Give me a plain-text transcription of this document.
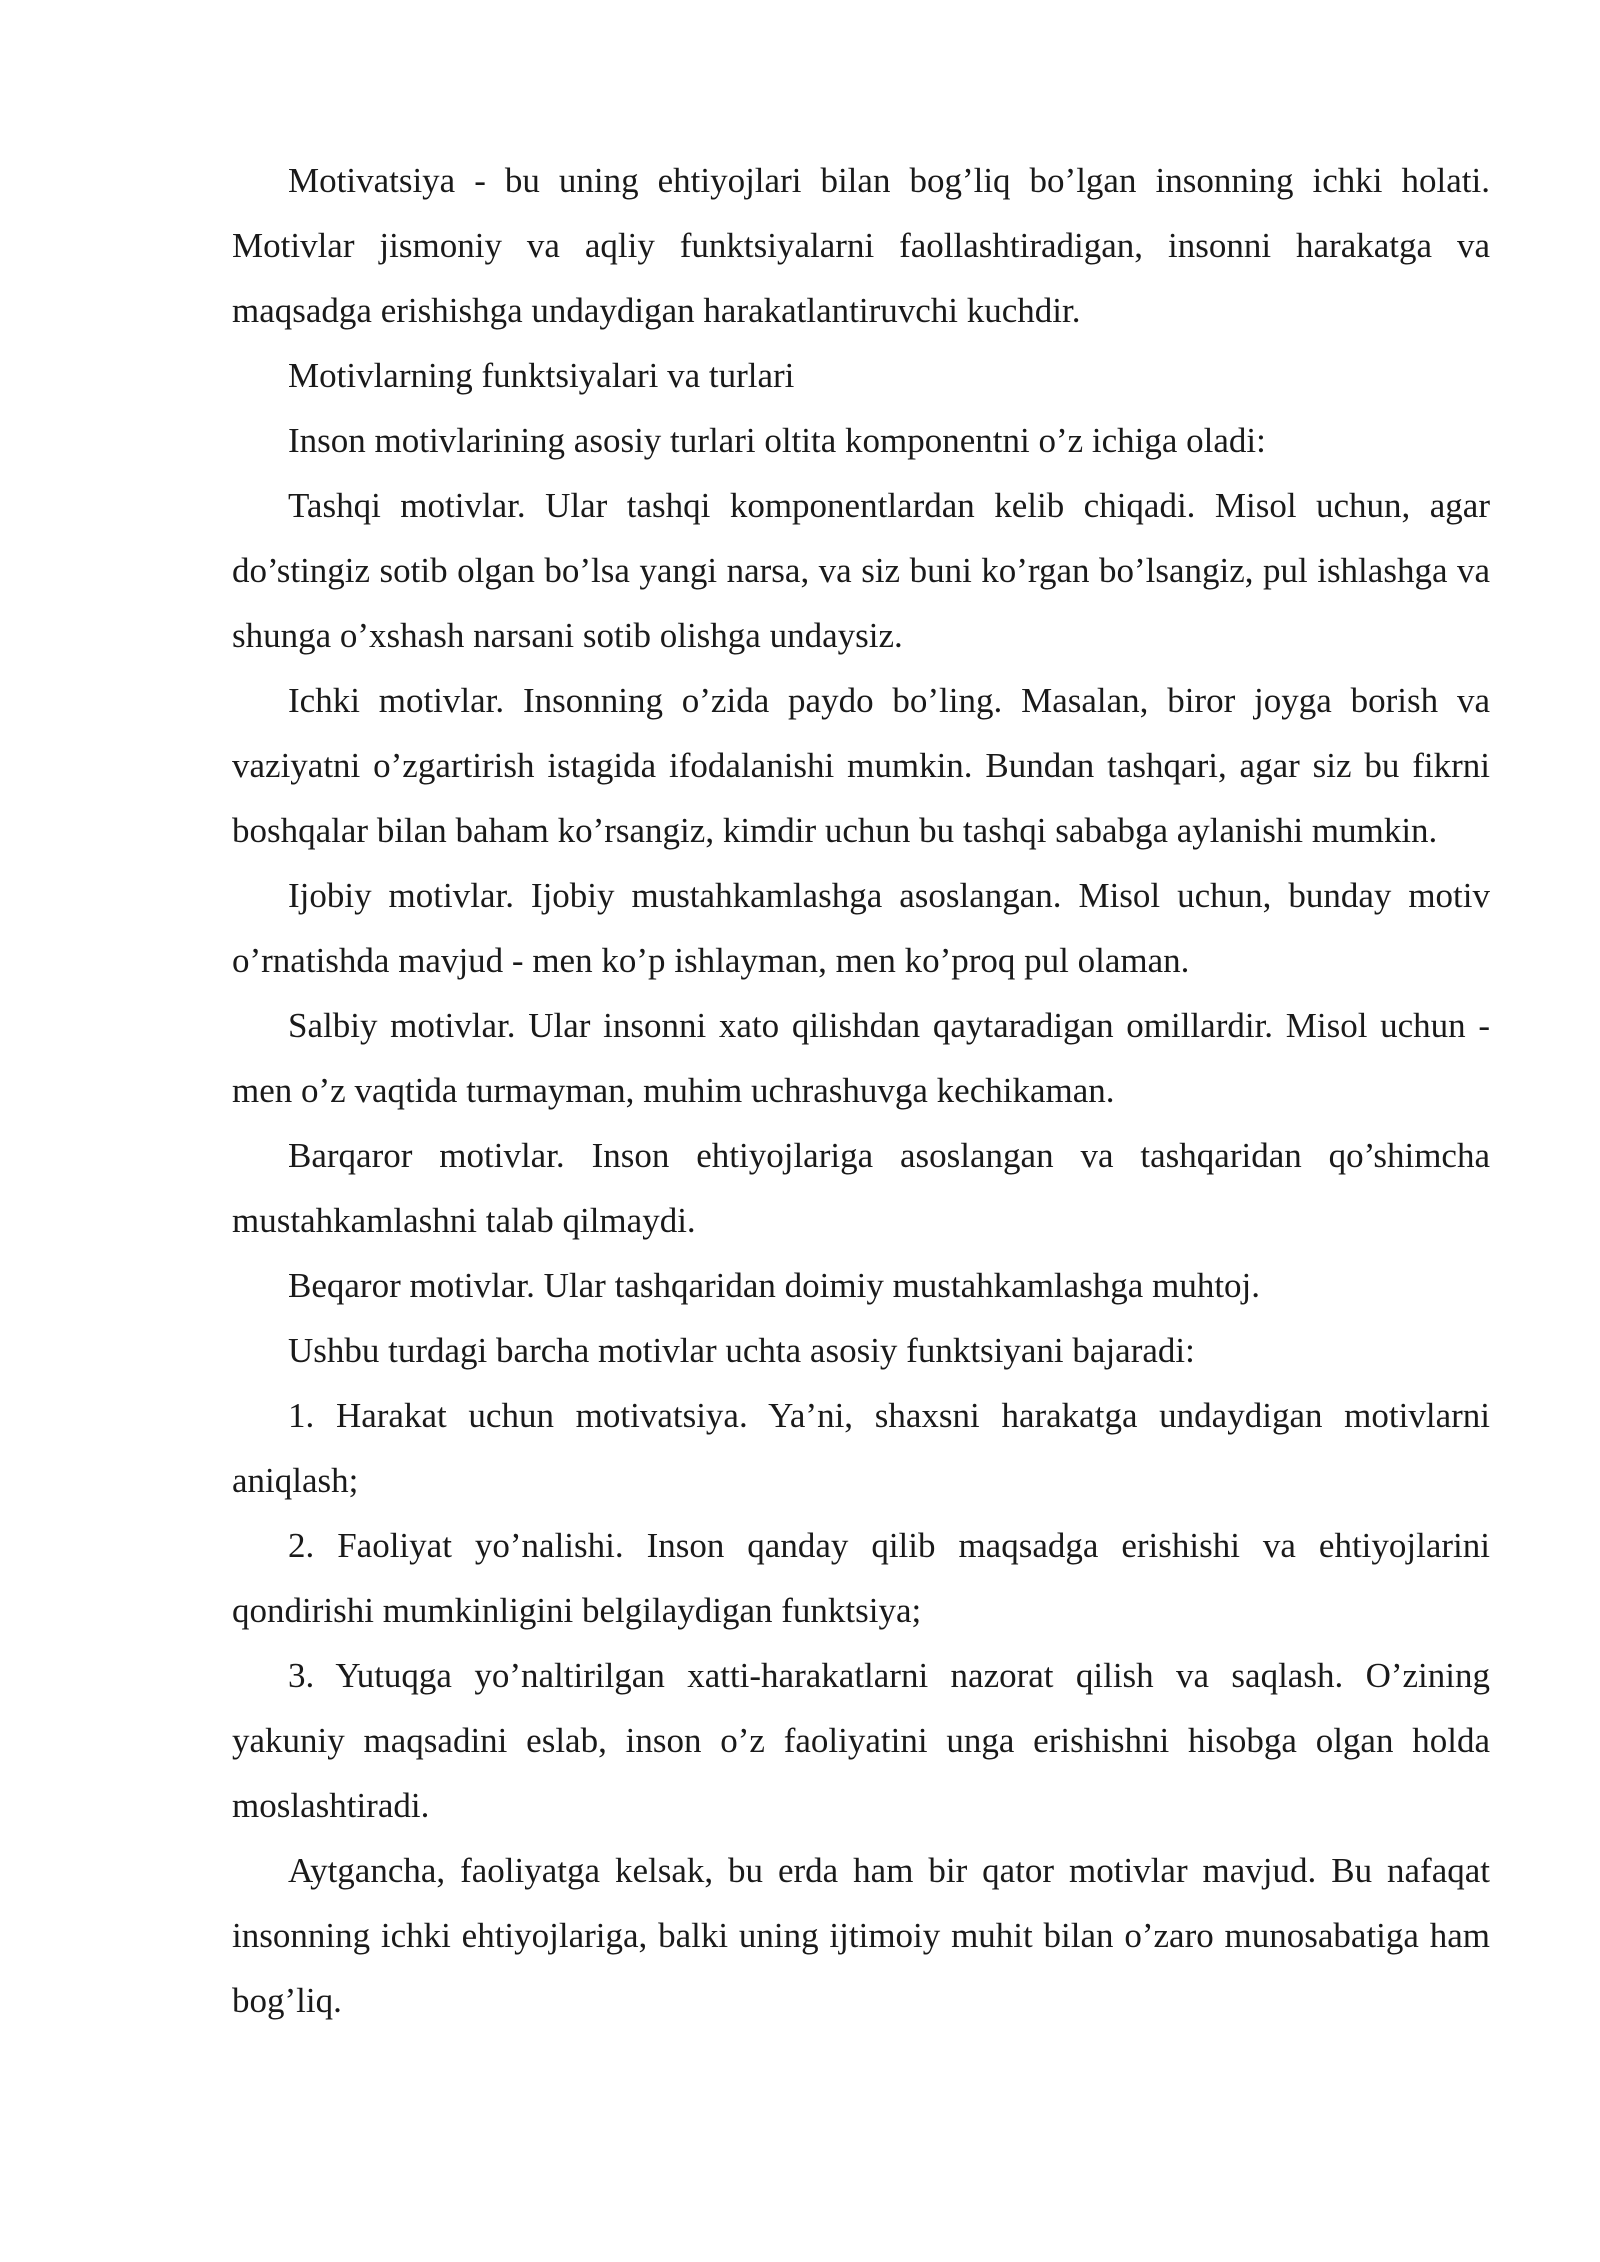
Motivatsiya - bu uning ehtiyojlari bilan bog’liq bo’lgan insonning ichki holati. Motivlar jismoniy va aqliy funktsiyalarni faollashtiradigan, insonni harakatga va maqsadga erishishga undaydigan harakatlantiruvchi kuchdir.

Motivlarning funktsiyalari va turlari

Inson motivlarining asosiy turlari oltita komponentni o’z ichiga oladi:

Tashqi motivlar. Ular tashqi komponentlardan kelib chiqadi. Misol uchun, agar do’stingiz sotib olgan bo’lsa yangi narsa, va siz buni ko’rgan bo’lsangiz, pul ishlashga va shunga o’xshash narsani sotib olishga undaysiz.

Ichki motivlar. Insonning o’zida paydo bo’ling. Masalan, biror joyga borish va vaziyatni o’zgartirish istagida ifodalanishi mumkin. Bundan tashqari, agar siz bu fikrni boshqalar bilan baham ko’rsangiz, kimdir uchun bu tashqi sababga aylanishi mumkin.

Ijobiy motivlar. Ijobiy mustahkamlashga asoslangan. Misol uchun, bunday motiv o’rnatishda mavjud - men ko’p ishlayman, men ko’proq pul olaman.

Salbiy motivlar. Ular insonni xato qilishdan qaytaradigan omillardir. Misol uchun - men o’z vaqtida turmayman, muhim uchrashuvga kechikaman.

Barqaror motivlar. Inson ehtiyojlariga asoslangan va tashqaridan qo’shimcha mustahkamlashni talab qilmaydi.

Beqaror motivlar. Ular tashqaridan doimiy mustahkamlashga muhtoj.

Ushbu turdagi barcha motivlar uchta asosiy funktsiyani bajaradi:

1. Harakat uchun motivatsiya. Ya’ni, shaxsni harakatga undaydigan motivlarni aniqlash;

2. Faoliyat yo’nalishi. Inson qanday qilib maqsadga erishishi va ehtiyojlarini qondirishi mumkinligini belgilaydigan funktsiya;

3. Yutuqga yo’naltirilgan xatti-harakatlarni nazorat qilish va saqlash. O’zining yakuniy maqsadini eslab, inson o’z faoliyatini unga erishishni hisobga olgan holda moslashtiradi.

Aytgancha, faoliyatga kelsak, bu erda ham bir qator motivlar mavjud. Bu nafaqat insonning ichki ehtiyojlariga, balki uning ijtimoiy muhit bilan o’zaro munosabatiga ham bog’liq.
